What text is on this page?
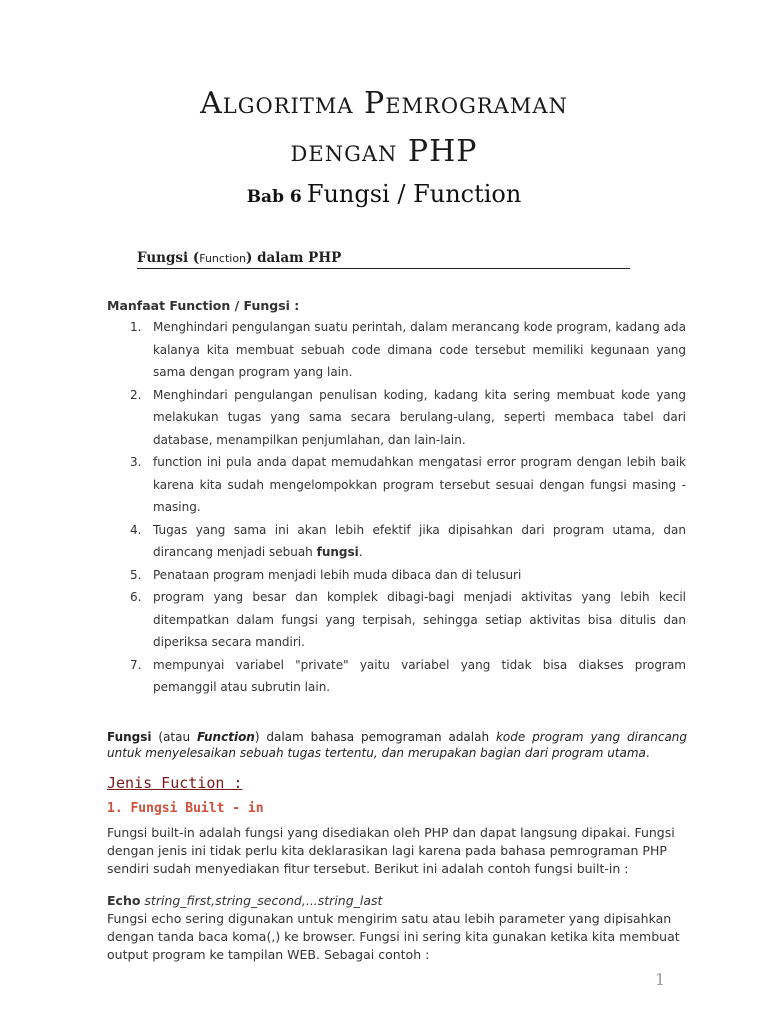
Algoritma Pemrograman
dengan PHP
Bab 6 Fungsi / Function
Fungsi (Function) dalam PHP
Manfaat Function / Fungsi :
1. Menghindari pengulangan suatu perintah, dalam merancang kode program, kadang ada kalanya kita membuat sebuah code dimana code tersebut memiliki kegunaan yang sama dengan program yang lain.
2. Menghindari pengulangan penulisan koding, kadang kita sering membuat kode yang melakukan tugas yang sama secara berulang-ulang, seperti membaca tabel dari database, menampilkan penjumlahan, dan lain-lain.
3. function ini pula anda dapat memudahkan mengatasi error program dengan lebih baik karena kita sudah mengelompokkan program tersebut sesuai dengan fungsi masing - masing.
4. Tugas yang sama ini akan lebih efektif jika dipisahkan dari program utama, dan dirancang menjadi sebuah fungsi.
5. Penataan program menjadi lebih muda dibaca dan di telusuri
6. program yang besar dan komplek dibagi-bagi menjadi aktivitas yang lebih kecil ditempatkan dalam fungsi yang terpisah, sehingga setiap aktivitas bisa ditulis dan diperiksa secara mandiri.
7. mempunyai variabel "private" yaitu variabel yang tidak bisa diakses program pemanggil atau subrutin lain.

Fungsi (atau Function) dalam bahasa pemograman adalah kode program yang dirancang untuk menyelesaikan sebuah tugas tertentu, dan merupakan bagian dari program utama.

Jenis Fuction :
1. Fungsi Built - in

Fungsi built-in adalah fungsi yang disediakan oleh PHP dan dapat langsung dipakai. Fungsi dengan jenis ini tidak perlu kita deklarasikan lagi karena pada bahasa pemrograman PHP sendiri sudah menyediakan fitur tersebut. Berikut ini adalah contoh fungsi built-in :

Echo string_first,string_second,...string_last

Fungsi echo sering digunakan untuk mengirim satu atau lebih parameter yang dipisahkan dengan tanda baca koma(,) ke browser. Fungsi ini sering kita gunakan ketika kita membuat output program ke tampilan WEB. Sebagai contoh :

1
